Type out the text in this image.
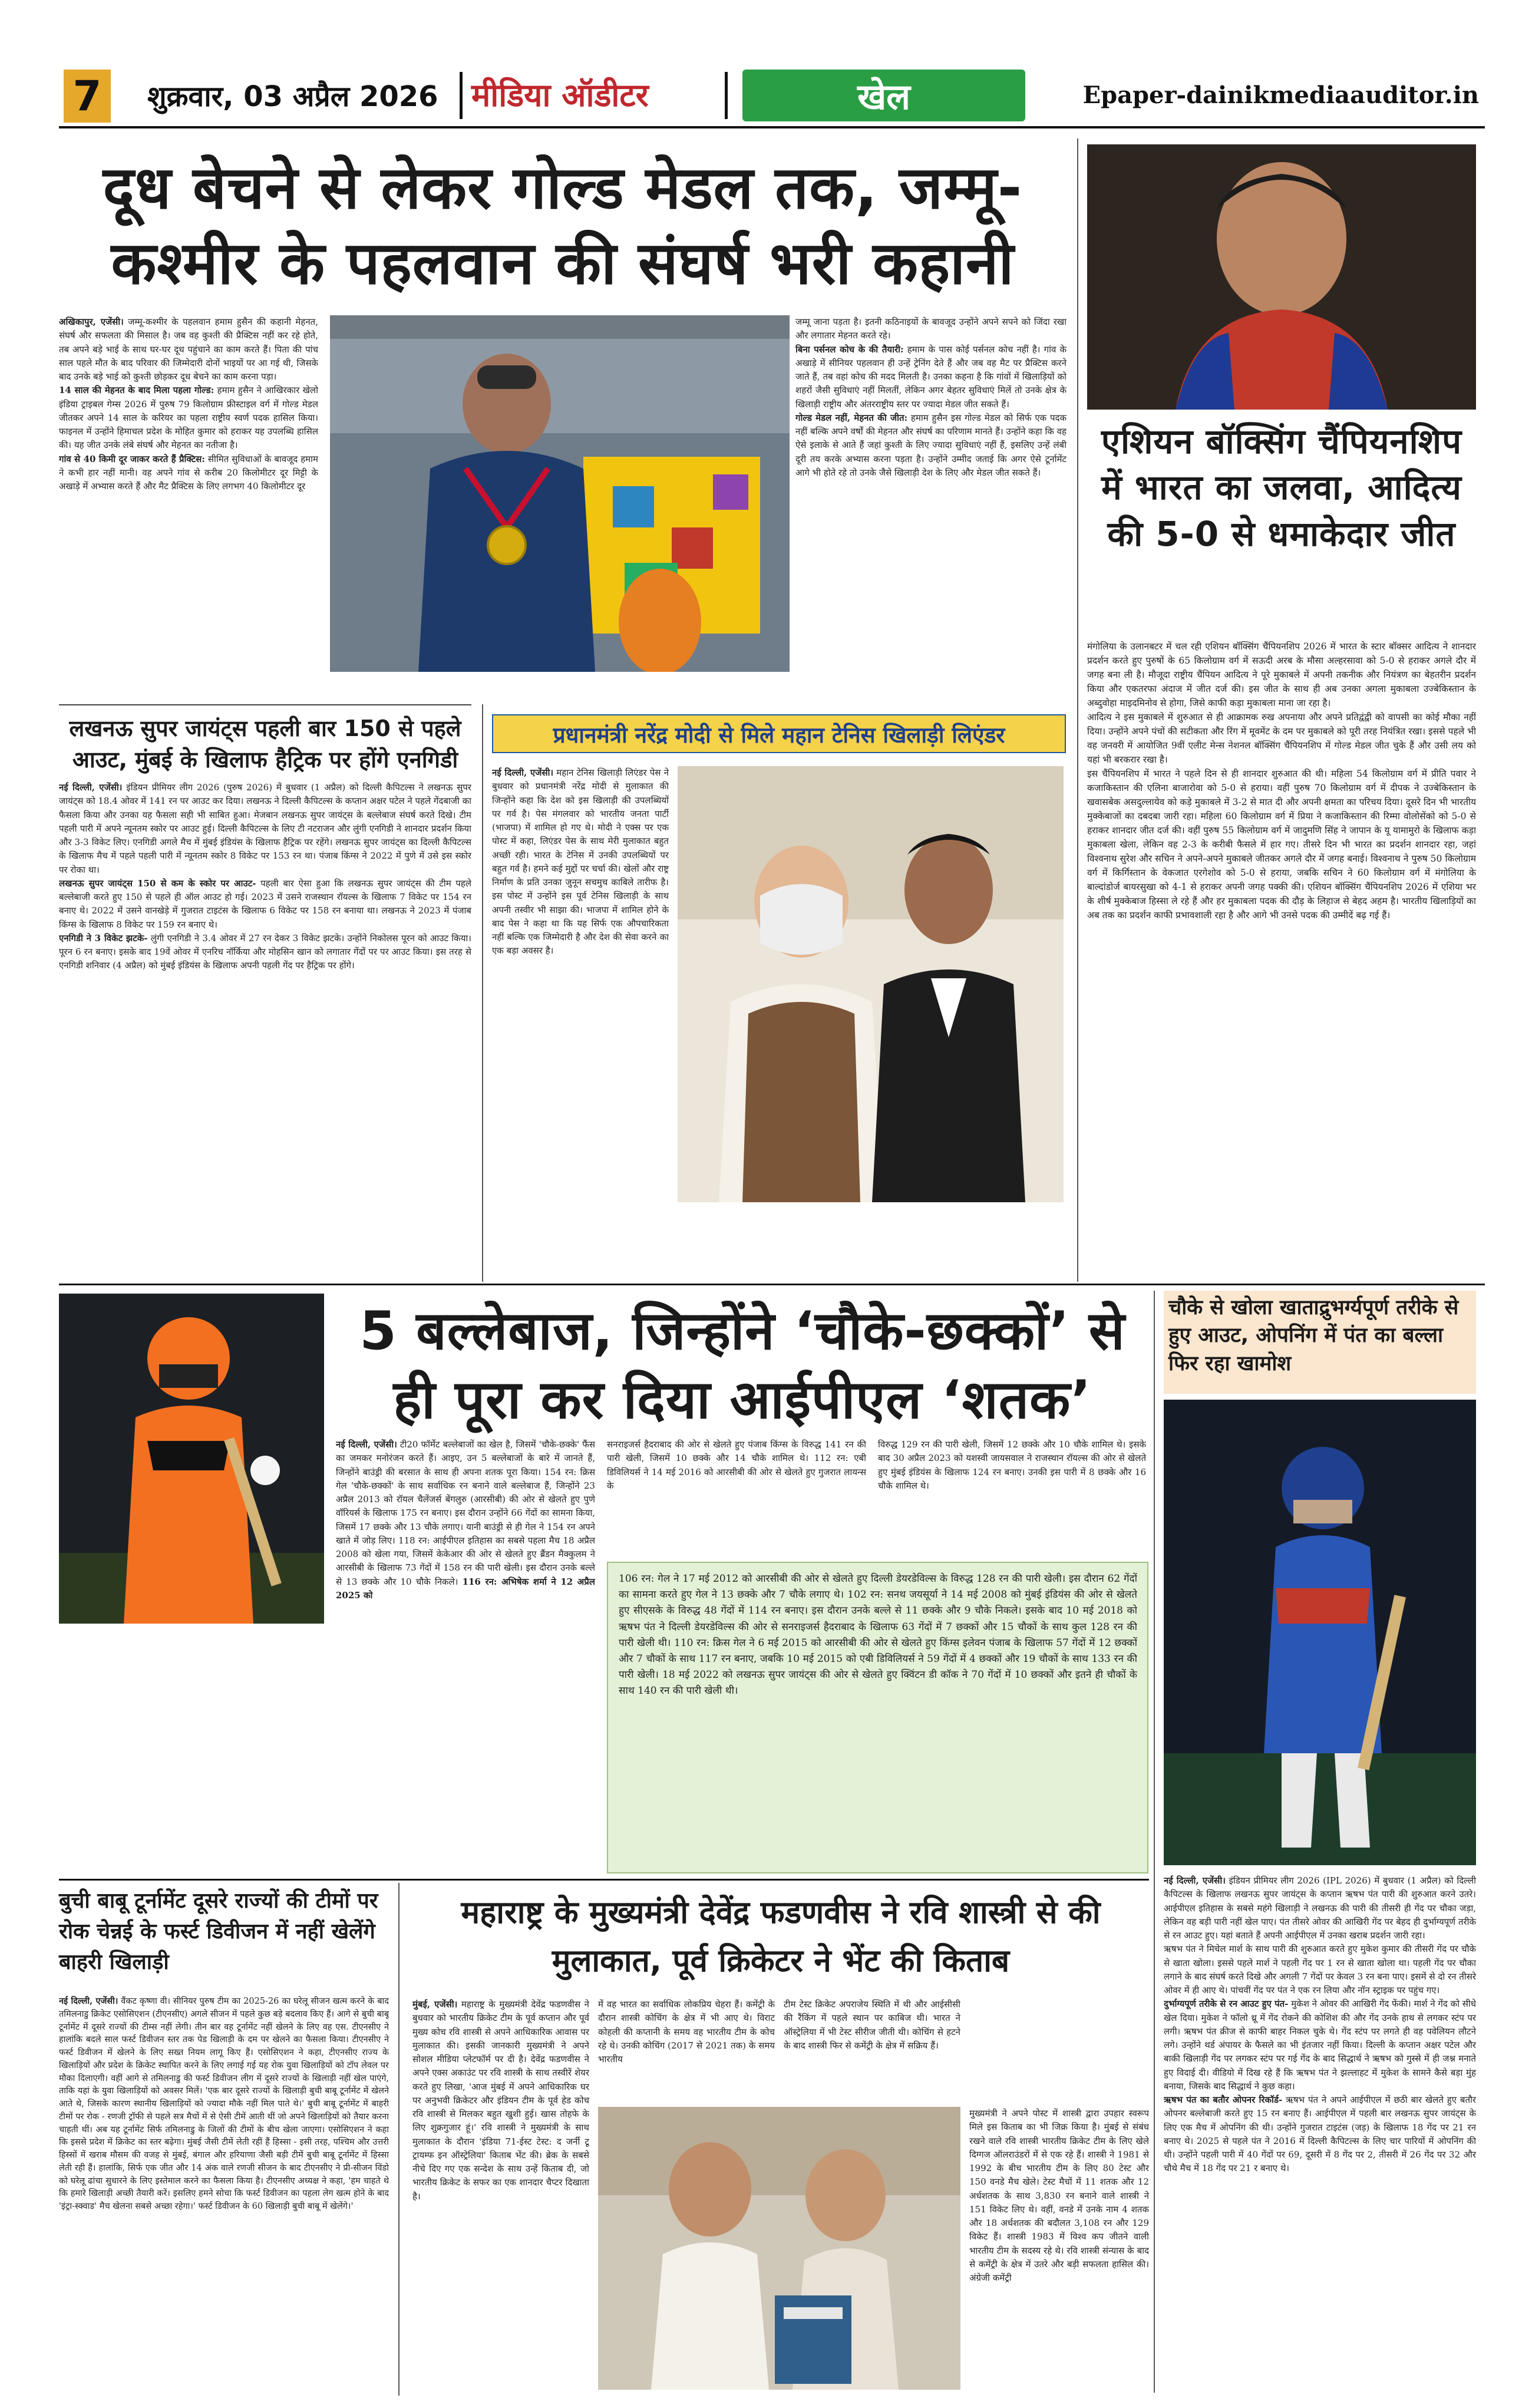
7 शुक्रवार, 03 अप्रैल 2026	मीडिया ऑडीटर	खेल	Epaper-dainikmediaauditor.in
दूध बेचने से लेकर गोल्ड मेडल तक, जम्मू-कश्मीर के पहलवान की संघर्ष भरी कहानी
अखिकापुर, एजेंसी। जम्मू-कश्मीर के पहलवान हमाम हुसैन की कहानी मेहनत, संघर्ष और सफलता की मिसाल है। जब वह कुश्ती की प्रैक्टिस नहीं कर रहे होते, तब अपने बड़े भाई के साथ घर-घर दूध पहुंचाने का काम करते हैं। पिता की पांच साल पहले मौत के बाद परिवार की जिम्मेदारी दोनों भाइयों पर आ गई थी, जिसके बाद उनके बड़े भाई को कुश्ती छोड़कर दूध बेचने का काम करना पड़ा।
14 साल की मेहनत के बाद मिला पहला गोल्ड: हमाम हुसैन ने आखिरकार खेलो इंडिया ट्राइबल गेम्स 2026 में पुरुष 79 किलोग्राम फ्रीस्टाइल वर्ग में गोल्ड मेडल जीतकर अपने 14 साल के करियर का पहला राष्ट्रीय स्वर्ण पदक हासिल किया। फाइनल में उन्होंने हिमाचल प्रदेश के मोहित कुमार को हराकर यह उपलब्धि हासिल की। यह जीत उनके लंबे संघर्ष और मेहनत का नतीजा है।
गांव से 40 किमी दूर जाकर करते हैं प्रैक्टिस: सीमित सुविधाओं के बावजूद हमाम ने कभी हार नहीं मानी। वह अपने गांव से करीब 20 किलोमीटर दूर मिट्टी के अखाड़े में अभ्यास करते हैं और मैट प्रैक्टिस के लिए लगभग 40 किलोमीटर दूर
जम्मू जाना पड़ता है। इतनी कठिनाइयों के बावजूद उन्होंने अपने सपने को जिंदा रखा और लगातार मेहनत करते रहे।
बिना पर्सनल कोच के की तैयारी: हमाम के पास कोई पर्सनल कोच नहीं है। गांव के अखाड़े में सीनियर पहलवान ही उन्हें ट्रेनिंग देते हैं और जब वह मैट पर प्रैक्टिस करने जाते हैं, तब वहां कोच की मदद मिलती है। उनका कहना है कि गांवों में खिलाड़ियों को शहरों जैसी सुविधाएं नहीं मिलतीं, लेकिन अगर बेहतर सुविधाएं मिलें तो उनके क्षेत्र के खिलाड़ी राष्ट्रीय और अंतरराष्ट्रीय स्तर पर ज्यादा मेडल जीत सकते हैं।
गोल्ड मेडल नहीं, मेहनत की जीत: हमाम हुसैन इस गोल्ड मेडल को सिर्फ एक पदक नहीं बल्कि अपने वर्षों की मेहनत और संघर्ष का परिणाम मानते हैं। उन्होंने कहा कि वह ऐसे इलाके से आते हैं जहां कुश्ती के लिए ज्यादा सुविधाएं नहीं हैं, इसलिए उन्हें लंबी दूरी तय करके अभ्यास करना पड़ता है। उन्होंने उम्मीद जताई कि अगर ऐसे टूर्नामेंट आगे भी होते रहे तो उनके जैसे खिलाड़ी देश के लिए और मेडल जीत सकते हैं।
एशियन बॉक्सिंग चैंपियनशिप में भारत का जलवा, आदित्य की 5-0 से धमाकेदार जीत
मंगोलिया के उलानबटर में चल रही एशियन बॉक्सिंग चैंपियनशिप 2026 में भारत के स्टार बॉक्सर आदित्य ने शानदार प्रदर्शन करते हुए पुरुषों के 65 किलोग्राम वर्ग में सऊदी अरब के मौसा अल्हरसावा को 5-0 से हराकर अगले दौर में जगह बना ली है। मौजूदा राष्ट्रीय चैंपियन आदित्य ने पूरे मुकाबले में अपनी तकनीक और नियंत्रण का बेहतरीन प्रदर्शन किया और एकतरफा अंदाज में जीत दर्ज की। इस जीत के साथ ही अब उनका अगला मुकाबला उज्बेकिस्तान के अब्दुवोहा माइदमिनोव से होगा, जिसे काफी कड़ा मुकाबला माना जा रहा है।
आदित्य ने इस मुकाबले में शुरुआत से ही आक्रामक रुख अपनाया और अपने प्रतिद्वंद्वी को वापसी का कोई मौका नहीं दिया। उन्होंने अपने पंचों की सटीकता और रिंग में मूवमेंट के दम पर मुकाबले को पूरी तरह नियंत्रित रखा। इससे पहले भी वह जनवरी में आयोजित 9वीं एलीट मेन्स नेशनल बॉक्सिंग चैंपियनशिप में गोल्ड मेडल जीत चुके हैं और उसी लय को यहां भी बरकरार रखा है।
इस चैंपियनशिप में भारत ने पहले दिन से ही शानदार शुरुआत की थी। महिला 54 किलोग्राम वर्ग में प्रीति पवार ने कजाकिस्तान की एलिना बाजारोवा को 5-0 से हराया। वहीं पुरुष 70 किलोग्राम वर्ग में दीपक ने उज्बेकिस्तान के खवासबेक असदुल्लायेव को कड़े मुकाबले में 3-2 से मात दी और अपनी क्षमता का परिचय दिया। दूसरे दिन भी भारतीय मुक्केबाजों का दबदबा जारी रहा। महिला 60 किलोग्राम वर्ग में प्रिया ने कजाकिस्तान की रिम्मा वोलोसेंको को 5-0 से हराकर शानदार जीत दर्ज की। वहीं पुरुष 55 किलोग्राम वर्ग में जादुमणि सिंह ने जापान के यू यामामुरो के खिलाफ कड़ा मुकाबला खेला, लेकिन वह 2-3 के करीबी फैसले में हार गए। तीसरे दिन भी भारत का प्रदर्शन शानदार रहा, जहां विश्वनाथ सुरेश और सचिन ने अपने-अपने मुकाबले जीतकर अगले दौर में जगह बनाई। विश्वनाथ ने पुरुष 50 किलोग्राम वर्ग में किर्गिस्तान के वेकजात एरगेशोव को 5-0 से हराया, जबकि सचिन ने 60 किलोग्राम वर्ग में मंगोलिया के बाल्दांडोर्ज बायरसुखा को 4-1 से हराकर अपनी जगह पक्की की। एशियन बॉक्सिंग चैंपियनशिप 2026 में एशिया भर के शीर्ष मुक्केबाज हिस्सा ले रहे हैं और हर मुकाबला पदक की दौड़ के लिहाज से बेहद अहम है। भारतीय खिलाड़ियों का अब तक का प्रदर्शन काफी प्रभावशाली रहा है और आगे भी उनसे पदक की उम्मीदें बढ़ गई हैं।
लखनऊ सुपर जायंट्स पहली बार 150 से पहले आउट, मुंबई के खिलाफ हैट्रिक पर होंगे एनगिडी
नई दिल्ली, एजेंसी। इंडियन प्रीमियर लीग 2026 (पुरुष 2026) में बुधवार (1 अप्रैल) को दिल्ली कैपिटल्स ने लखनऊ सुपर जायंट्स को 18.4 ओवर में 141 रन पर आउट कर दिया। लखनऊ ने दिल्ली कैपिटल्स के कप्तान अक्षर पटेल ने पहले गेंदबाजी का फैसला किया और उनका यह फैसला सही भी साबित हुआ। मेजबान लखनऊ सुपर जायंट्स के बल्लेबाज संघर्ष करते दिखे। टीम पहली पारी में अपने न्यूनतम स्कोर पर आउट हुई। दिल्ली कैपिटल्स के लिए टी नटराजन और लुंगी एनगिडी ने शानदार प्रदर्शन किया और 3-3 विकेट लिए। एनगिडी अगले मैच में मुंबई इंडियंस के खिलाफ हैट्रिक पर रहेंगे। लखनऊ सुपर जायंट्स का दिल्ली कैपिटल्स के खिलाफ मैच में पहले पहली पारी में न्यूनतम स्कोर 8 विकेट पर 153 रन था। पंजाब किंग्स ने 2022 में पुणे में उसे इस स्कोर पर रोका था।
लखनऊ सुपर जायंट्स 150 से कम के स्कोर पर आउट- पहली बार ऐसा हुआ कि लखनऊ सुपर जायंट्स की टीम पहले बल्लेबाजी करते हुए 150 से पहले ही ऑल आउट हो गई। 2023 में उसने राजस्थान रॉयल्स के खिलाफ 7 विकेट पर 154 रन बनाए थे। 2022 में उसने वानखेड़े में गुजरात टाइटंस के खिलाफ 6 विकेट पर 158 रन बनाया था। लखनऊ ने 2023 में पंजाब किंग्स के खिलाफ 8 विकेट पर 159 रन बनाए थे।
एनगिडी ने 3 विकेट झटके- लुंगी एनगिडी ने 3.4 ओवर में 27 रन देकर 3 विकेट झटके। उन्होंने निकोलस पूरन को आउट किया। पूरन 6 रन बनाए। इसके बाद 19वें ओवर में एनरिच नॉर्किया और मोहसिन खान को लगातार गेंदों पर पर आउट किया। इस तरह से एनगिडी शनिवार (4 अप्रैल) को मुंबई इंडियंस के खिलाफ अपनी पहली गेंद पर हैट्रिक पर होंगे।
प्रधानमंत्री नरेंद्र मोदी से मिले महान टेनिस खिलाड़ी लिएंडर
नई दिल्ली, एजेंसी। महान टेनिस खिलाड़ी लिएंडर पेस ने बुधवार को प्रधानमंत्री नरेंद्र मोदी से मुलाकात की जिन्होंने कहा कि देश को इस खिलाड़ी की उपलब्धियों पर गर्व है। पेस मंगलवार को भारतीय जनता पार्टी (भाजपा) में शामिल हो गए थे। मोदी ने एक्स पर एक पोस्ट में कहा, लिएंडर पेस के साथ मेरी मुलाकात बहुत अच्छी रही। भारत के टेनिस में उनकी उपलब्धियों पर बहुत गर्व है। हमने कई मुद्दों पर चर्चा की। खेलों और राष्ट्र निर्माण के प्रति उनका जुनून सचमुच काबिले तारीफ है। इस पोस्ट में उन्होंने इस पूर्व टेनिस खिलाड़ी के साथ अपनी तस्वीर भी साझा की। भाजपा में शामिल होने के बाद पेस ने कहा था कि यह सिर्फ एक औपचारिकता नहीं बल्कि एक जिम्मेदारी है और देश की सेवा करने का एक बड़ा अवसर है।
5 बल्लेबाज, जिन्होंने ‘चौके-छक्कों’ से ही पूरा कर दिया आईपीएल ‘शतक’
नई दिल्ली, एजेंसी। टी20 फॉर्मेट बल्लेबाजों का खेल है, जिसमें 'चौके-छक्के' फैंस का जमकर मनोरंजन करते हैं। आइए, उन 5 बल्लेबाजों के बारे में जानते हैं, जिन्होंने बाउंड्री की बरसात के साथ ही अपना शतक पूरा किया। 154 रन: क्रिस गेल 'चौके-छक्कों' के साथ सर्वाधिक रन बनाने वाले बल्लेबाज हैं, जिन्होंने 23 अप्रैल 2013 को रॉयल चैलेंजर्स बेंगलुरु (आरसीबी) की ओर से खेलते हुए पुणे वॉरियर्स के खिलाफ 175 रन बनाए। इस दौरान उन्होंने 66 गेंदों का सामना किया, जिसमें 17 छक्के और 13 चौके लगाए। यानी बाउंड्री से ही गेल ने 154 रन अपने खाते में जोड़ लिए। 118 रन: आईपीएल इतिहास का सबसे पहला मैच 18 अप्रैल 2008 को खेला गया, जिसमें केकेआर की ओर से खेलते हुए ब्रैंडन मैक्कुलम ने आरसीबी के खिलाफ 73 गेंदों में 158 रन की पारी खेली। इस दौरान उनके बल्ले से 13 छक्के और 10 चौके निकले। 116 रन: अभिषेक शर्मा ने 12 अप्रैल 2025 को
सनराइजर्स हैदराबाद की ओर से खेलते हुए पंजाब किंग्स के विरुद्ध 141 रन की पारी खेली, जिसमें 10 छक्के और 14 चौके शामिल थे। 112 रन: एबी डिविलियर्स ने 14 मई 2016 को आरसीबी की ओर से खेलते हुए गुजरात लायन्स के
विरुद्ध 129 रन की पारी खेली, जिसमें 12 छक्के और 10 चौके शामिल थे। इसके बाद 30 अप्रैल 2023 को यशस्वी जायसवाल ने राजस्थान रॉयल्स की ओर से खेलते हुए मुंबई इंडियंस के खिलाफ 124 रन बनाए। उनकी इस पारी में 8 छक्के और 16 चौके शामिल थे।
106 रन: गेल ने 17 मई 2012 को आरसीबी की ओर से खेलते हुए दिल्ली डेयरडेविल्स के विरुद्ध 128 रन की पारी खेली। इस दौरान 62 गेंदों का सामना करते हुए गेल ने 13 छक्के और 7 चौके लगाए थे। 102 रन: सनथ जयसूर्या ने 14 मई 2008 को मुंबई इंडियंस की ओर से खेलते हुए सीएसके के विरुद्ध 48 गेंदों में 114 रन बनाए। इस दौरान उनके बल्ले से 11 छक्के और 9 चौके निकले। इसके बाद 10 मई 2018 को ऋषभ पंत ने दिल्ली डेयरडेविल्स की ओर से सनराइजर्स हैदराबाद के खिलाफ 63 गेंदों में 7 छक्कों और 15 चौकों के साथ कुल 128 रन की पारी खेली थी। 110 रन: क्रिस गेल ने 6 मई 2015 को आरसीबी की ओर से खेलते हुए किंग्स इलेवन पंजाब के खिलाफ 57 गेंदों में 12 छक्कों और 7 चौकों के साथ 117 रन बनाए, जबकि 10 मई 2015 को एबी डिविलियर्स ने 59 गेंदों में 4 छक्कों और 19 चौकों के साथ 133 रन की पारी खेली। 18 मई 2022 को लखनऊ सुपर जायंट्स की ओर से खेलते हुए क्विंटन डी कॉक ने 70 गेंदों में 10 छक्कों और इतने ही चौकों के साथ 140 रन की पारी खेली थी।
चौके से खोला खाताद्रुभर्ग्यपूर्ण तरीके से हुए आउट, ओपनिंग में पंत का बल्ला फिर रहा खामोश
नई दिल्ली, एजेंसी। इंडियन प्रीमियर लीग 2026 (IPL 2026) में बुधवार (1 अप्रैल) को दिल्ली कैपिटल्स के खिलाफ लखनऊ सुपर जायंट्स के कप्तान ऋषभ पंत पारी की शुरुआत करने उतरे। आईपीएल इतिहास के सबसे महंगे खिलाड़ी ने लखनऊ की पारी की तीसरी ही गेंद पर चौका जड़ा, लेकिन वह बड़ी पारी नहीं खेल पाए। पंत तीसरे ओवर की आखिरी गेंद पर बेहद ही दुर्भाग्यपूर्ण तरीके से रन आउट हुए। यहां बताते हैं अपनी आईपीएल में उनका खराब प्रदर्शन जारी रहा।
ऋषभ पंत ने मिचेल मार्श के साथ पारी की शुरुआत करते हुए मुकेश कुमार की तीसरी गेंद पर चौके से खाता खोला। इससे पहले मार्श ने पहली गेंद पर 1 रन से खाता खोला था। पहली गेंद पर चौका लगाने के बाद संघर्ष करते दिखे और अगली 7 गेंदों पर केवल 3 रन बना पाए। इसमें से दो रन तीसरे ओवर में ही आए थे। पांचवीं गेंद पर पंत ने एक रन लिया और नॉन स्ट्राइक पर पहुंच गए।
दुर्भाग्यपूर्ण तरीके से रन आउट हुए पंत- मुकेश ने ओवर की आखिरी गेंद फेंकी। मार्श ने गेंद को सीधे खेल दिया। मुकेश ने फॉलो थ्रू में गेंद रोकने की कोशिश की और गेंद उनके हाथ से लगकर स्टंप पर लगी। ऋषभ पंत क्रीज से काफी बाहर निकल चुके थे। गेंद स्टंप पर लगते ही वह पवेलियन लौटने लगे। उन्होंने थर्ड अंपायर के फैसले का भी इंतजार नहीं किया। दिल्ली के कप्तान अक्षर पटेल और बाकी खिलाड़ी गेंद पर लगकर स्टंप पर गई गेंद के बाद सिद्धार्थ ने ऋषभ को गुस्से में ही जश्न मनाते हुए विदाई दी। वीडियो में दिख रहे हैं कि ऋषभ पंत ने झल्लाहट में मुकेश के सामने कैसे बड़ा मुंह बनाया, जिसके बाद सिद्धार्थ ने कुछ कहा।
ऋषभ पंत का बतौर ओपनर रिकॉर्ड- ऋषभ पंत ने अपने आईपीएल में छठी बार खेलते हुए बतौर ओपनर बल्लेबाजी करते हुए 15 रन बनाए हैं। आईपीएल में पहली बार लखनऊ सुपर जायंट्स के लिए एक मैच में ओपनिंग की थी। उन्होंने गुजरात टाइटंस (जड़) के खिलाफ 18 गेंद पर 21 रन बनाए थे। 2025 से पहले पंत ने 2016 में दिल्ली कैपिटल्स के लिए चार पारियों में ओपनिंग की थी। उन्होंने पहली पारी में 40 गेंदों पर 69, दूसरी में 8 गेंद पर 2, तीसरी में 26 गेंद पर 32 और चौथे मैच में 18 गेंद पर 21 र बनाए थे।
बुची बाबू टूर्नामेंट दूसरे राज्यों की टीमों पर रोक चेन्नई के फर्स्ट डिवीजन में नहीं खेलेंगे बाहरी खिलाड़ी
नई दिल्ली, एजेंसी। वैंकट कृष्णा वी। सीनियर पुरुष टीम का 2025-26 का घरेलू सीजन खत्म करने के बाद तमिलनाडु क्रिकेट एसोसिएशन (टीएनसीए) अगले सीजन में पहले कुछ बड़े बदलाव किए हैं। आगे से बुची बाबू टूर्नामेंट में दूसरे राज्यों की टीम्स नहीं लेगी। तीन बार वह टूर्नामेंट नहीं खेलने के लिए वह एस. टीएनसीए ने हालांकि बदले साल फर्स्ट डिवीजन स्तर तक पेड खिलाड़ी के दम पर खेलने का फैसला किया। टीएनसीए ने फर्स्ट डिवीजन में खेलने के लिए सख्त नियम लागू किए हैं। एसोसिएशन ने कहा, टीएनसीए राज्य के खिलाड़ियों और प्रदेश के क्रिकेट स्थापित करने के लिए लगाई गई यह रोक युवा खिलाड़ियों को टॉप लेवल पर मौका दिलाएगी। वहीं आगे से तमिलनाडु की फर्स्ट डिवीजन लीग में दूसरे राज्यों के खिलाड़ी नहीं खेल पाएंगे, ताकि यहां के युवा खिलाड़ियों को अवसर मिलें। 'एक बार दूसरे राज्यों के खिलाड़ी बुची बाबू टूर्नामेंट में खेलने आते थे, जिसके कारण स्थानीय खिलाड़ियों को ज्यादा मौके नहीं मिल पाते थे।' बुची बाबू टूर्नामेंट में बाहरी टीमों पर रोक - रणजी ट्रॉफी से पहले सत्र मैचों में से ऐसी टीमें आती थीं जो अपने खिलाड़ियों को तैयार करना चाहती थीं। अब यह टूर्नामेंट सिर्फ तमिलनाडु के जिलों की टीमों के बीच खेला जाएगा। एसोसिएशन ने कहा कि इससे प्रदेश में क्रिकेट का स्तर बढ़ेगा। मुंबई जैसी टीमें लेती रहीं हैं हिस्सा - इसी तरह, पश्चिम और उत्तरी हिस्सों में खराब मौसम की वजह से मुंबई, बंगाल और हरियाणा जैसी बड़ी टीमें बुची बाबू टूर्नामेंट में हिस्सा लेती रही हैं। हालांकि, सिर्फ एक जीत और 14 अंक वाले रणजी सीजन के बाद टीएनसीए ने प्री-सीजन विंडो को घरेलू ढांचा सुधारने के लिए इस्तेमाल करने का फैसला किया है। टीएनसीए अध्यक्ष ने कहा, 'हम चाहते थे कि हमारे खिलाड़ी अच्छी तैयारी करें। इसलिए हमने सोचा कि फर्स्ट डिवीजन का पहला लेग खत्म होने के बाद 'इंट्रा-स्क्वाड' मैच खेलना सबसे अच्छा रहेगा।' फर्स्ट डिवीजन के 60 खिलाड़ी बुची बाबू में खेलेंगे।'
महाराष्ट्र के मुख्यमंत्री देवेंद्र फडणवीस ने रवि शास्त्री से की मुलाकात, पूर्व क्रिकेटर ने भेंट की किताब
मुंबई, एजेंसी। महाराष्ट्र के मुख्यमंत्री देवेंद्र फडणवीस ने बुधवार को भारतीय क्रिकेट टीम के पूर्व कप्तान और पूर्व मुख्य कोच रवि शास्त्री से अपने आधिकारिक आवास पर मुलाकात की। इसकी जानकारी मुख्यमंत्री ने अपने सोशल मीडिया प्लेटफॉर्म पर दी है। देवेंद्र फडणवीस ने अपने एक्स अकाउंट पर रवि शास्त्री के साथ तस्वीरें शेयर करते हुए लिखा, 'आज मुंबई में अपने आधिकारिक घर पर अनुभवी क्रिकेटर और इंडियन टीम के पूर्व हेड कोच रवि शास्त्री से मिलकर बहुत खुशी हुई। खास तोहफे के लिए शुक्रगुजार हूं।' रवि शास्त्री ने मुख्यमंत्री के साथ मुलाकात के दौरान 'इंडिया 71-ईस्ट टेस्ट: द जर्नी टू ट्रायम्फ इन ऑस्ट्रेलिया' किताब भेंट की। ब्रेक के सबसे नीचे दिए गए एक सन्देश के साथ उन्हें किताब दी, जो भारतीय क्रिकेट के सफर का एक शानदार चैप्टर दिखाता है।
में वह भारत का सर्वाधिक लोकप्रिय चेहरा हैं। कमेंट्री के दौरान शास्त्री कोचिंग के क्षेत्र में भी आए थे। विराट कोहली की कप्तानी के समय वह भारतीय टीम के कोच रहे थे। उनकी कोचिंग (2017 से 2021 तक) के समय भारतीय
टीम टेस्ट क्रिकेट अपराजेय स्थिति में थी और आईसीसी की रैंकिंग में पहले स्थान पर काबिज थी। भारत ने ऑस्ट्रेलिया में भी टेस्ट सीरीज जीती थी। कोचिंग से हटने के बाद शास्त्री फिर से कमेंट्री के क्षेत्र में सक्रिय हैं।
मुख्यमंत्री ने अपने पोस्ट में शास्त्री द्वारा उपहार स्वरूप मिले इस किताब का भी जिक्र किया है। मुंबई से संबंध रखने वाले रवि शास्त्री भारतीय क्रिकेट टीम के लिए खेले दिग्गज ऑलराउंडरों में से एक रहे हैं। शास्त्री ने 1981 से 1992 के बीच भारतीय टीम के लिए 80 टेस्ट और 150 वनडे मैच खेले। टेस्ट मैचों में 11 शतक और 12 अर्धशतक के साथ 3,830 रन बनाने वाले शास्त्री ने 151 विकेट लिए थे। वहीं, वनडे में उनके नाम 4 शतक और 18 अर्धशतक की बदौलत 3,108 रन और 129 विकेट हैं। शास्त्री 1983 में विश्व कप जीतने वाली भारतीय टीम के सदस्य रहे थे। रवि शास्त्री संन्यास के बाद से कमेंट्री के क्षेत्र में उतरे और बड़ी सफलता हासिल की। अंग्रेजी कमेंट्री
